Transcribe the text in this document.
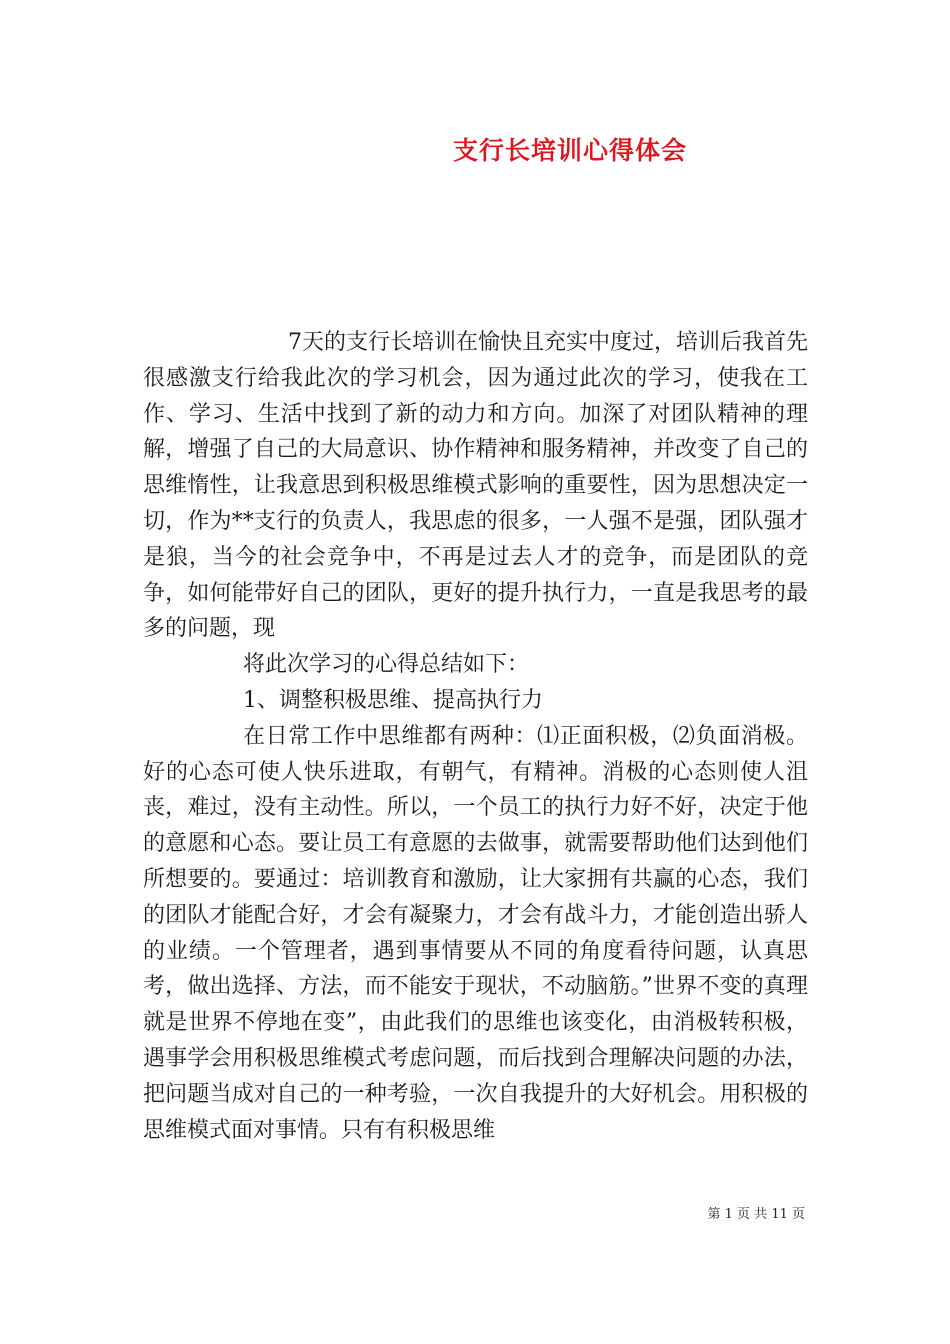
支行长培训心得体会

7天的支行长培训在愉快且充实中度过，培训后我首先很感激支行给我此次的学习机会，因为通过此次的学习，使我在工作、学习、生活中找到了新的动力和方向。加深了对团队精神的理解，增强了自己的大局意识、协作精神和服务精神，并改变了自己的思维惰性，让我意思到积极思维模式影响的重要性，因为思想决定一切，作为**支行的负责人，我思虑的很多，一人强不是强，团队强才是狼，当今的社会竞争中，不再是过去人才的竞争，而是团队的竞争，如何能带好自己的团队，更好的提升执行力，一直是我思考的最多的问题，现

将此次学习的心得总结如下：

1、调整积极思维、提高执行力

在日常工作中思维都有两种：⑴正面积极，⑵负面消极。好的心态可使人快乐进取，有朝气，有精神。消极的心态则使人沮丧，难过，没有主动性。所以，一个员工的执行力好不好，决定于他的意愿和心态。要让员工有意愿的去做事，就需要帮助他们达到他们所想要的。要通过：培训教育和激励，让大家拥有共赢的心态，我们的团队才能配合好，才会有凝聚力，才会有战斗力，才能创造出骄人的业绩。一个管理者，遇到事情要从不同的角度看待问题，认真思考，做出选择、方法，而不能安于现状，不动脑筋。”世界不变的真理就是世界不停地在变”，由此我们的思维也该变化，由消极转积极，遇事学会用积极思维模式考虑问题，而后找到合理解决问题的办法，把问题当成对自己的一种考验，一次自我提升的大好机会。用积极的思维模式面对事情。只有有积极思维

第 1 页 共 11 页
